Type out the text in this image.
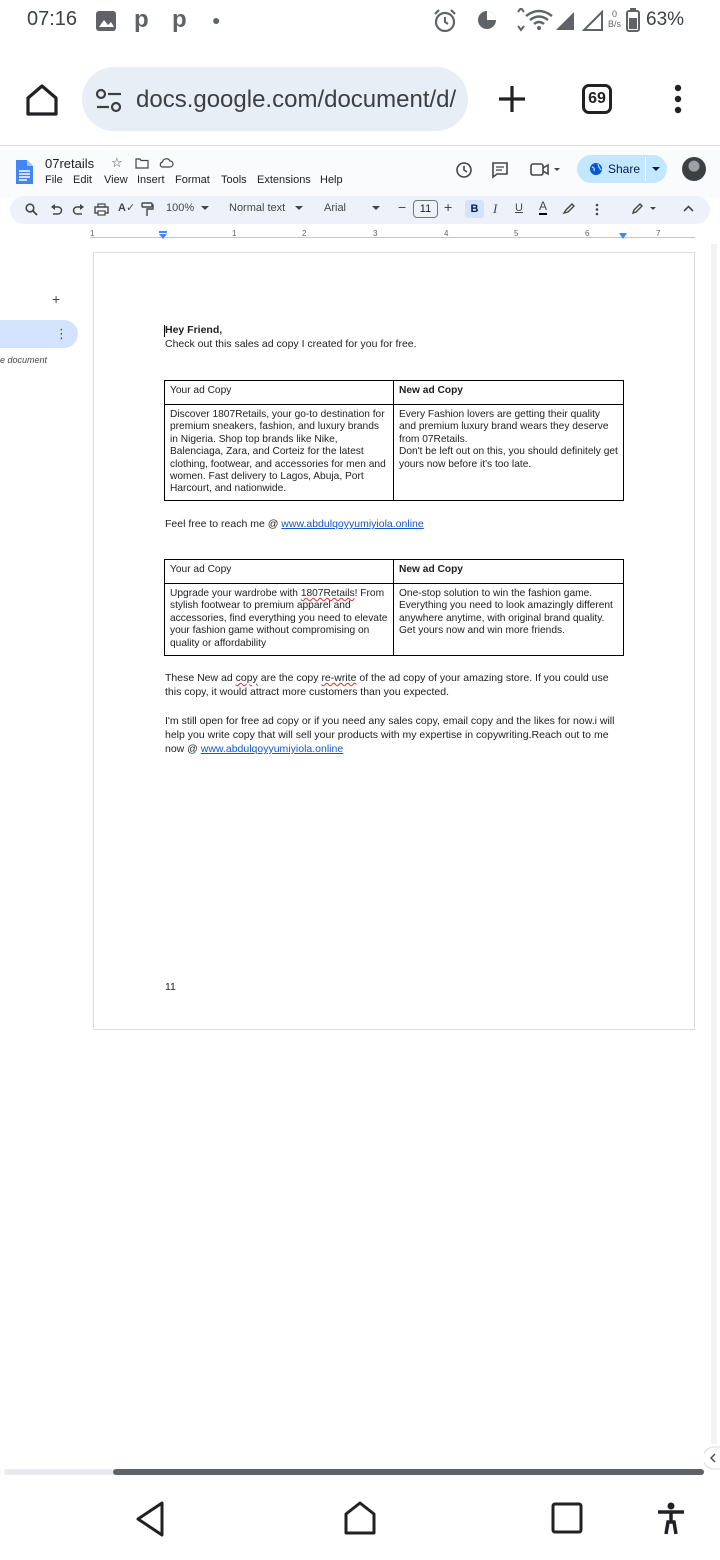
07:16 p p ●	0
B/s 63%
docs.google.com/document/d/	69
07retails ☆
File Edit View Insert Format Tools Extensions Help
Share
A✓	100%	Normal text	Arial	−	11 +	B	I U A
1	1	2	3	4	5	6	7
+
⋮
e document
Hey Friend,
Check out this sales ad copy I created for you for free.
Your ad Copy	New ad Copy
Discover 1807Retails, your go-to destination for premium sneakers, fashion, and luxury brands in Nigeria. Shop top brands like Nike, Balenciaga, Zara, and Corteiz for the latest clothing, footwear, and accessories for men and women. Fast delivery to Lagos, Abuja, Port Harcourt, and nationwide.	Every Fashion lovers are getting their quality and premium luxury brand wears they deserve from 07Retails.
Don't be left out on this, you should definitely get yours now before it's too late.
Feel free to reach me @ www.abdulqoyyumiyiola.online
Your ad Copy	New ad Copy
Upgrade your wardrobe with 1807Retails! From stylish footwear to premium apparel and accessories, find everything you need to elevate your fashion game without compromising on quality or affordability	One-stop solution to win the fashion game. Everything you need to look amazingly different anywhere anytime, with original brand quality. Get yours now and win more friends.
These New ad copy are the copy re-write of the ad copy of your amazing store. If you could use this copy, it would attract more customers than you expected.
I'm still open for free ad copy or if you need any sales copy, email copy and the likes for now.i will help you write copy that will sell your products with my expertise in copywriting.Reach out to me now @ www.abdulqoyyumiyiola.online
11
